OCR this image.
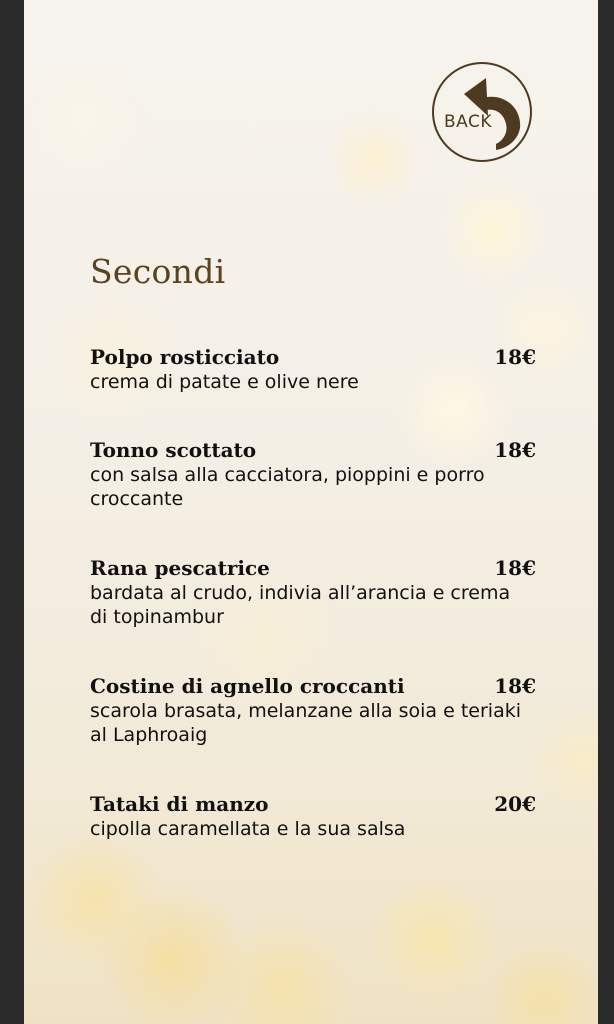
BACK
Secondi
Polpo rosticciato	18€
crema di patate e olive nere
Tonno scottato	18€
con salsa alla cacciatora, pioppini e porro croccante
Rana pescatrice	18€
bardata al crudo, indivia all’arancia e crema di topinambur
Costine di agnello croccanti	18€
scarola brasata, melanzane alla soia e teriaki al Laphroaig
Tataki di manzo	20€
cipolla caramellata e la sua salsa
